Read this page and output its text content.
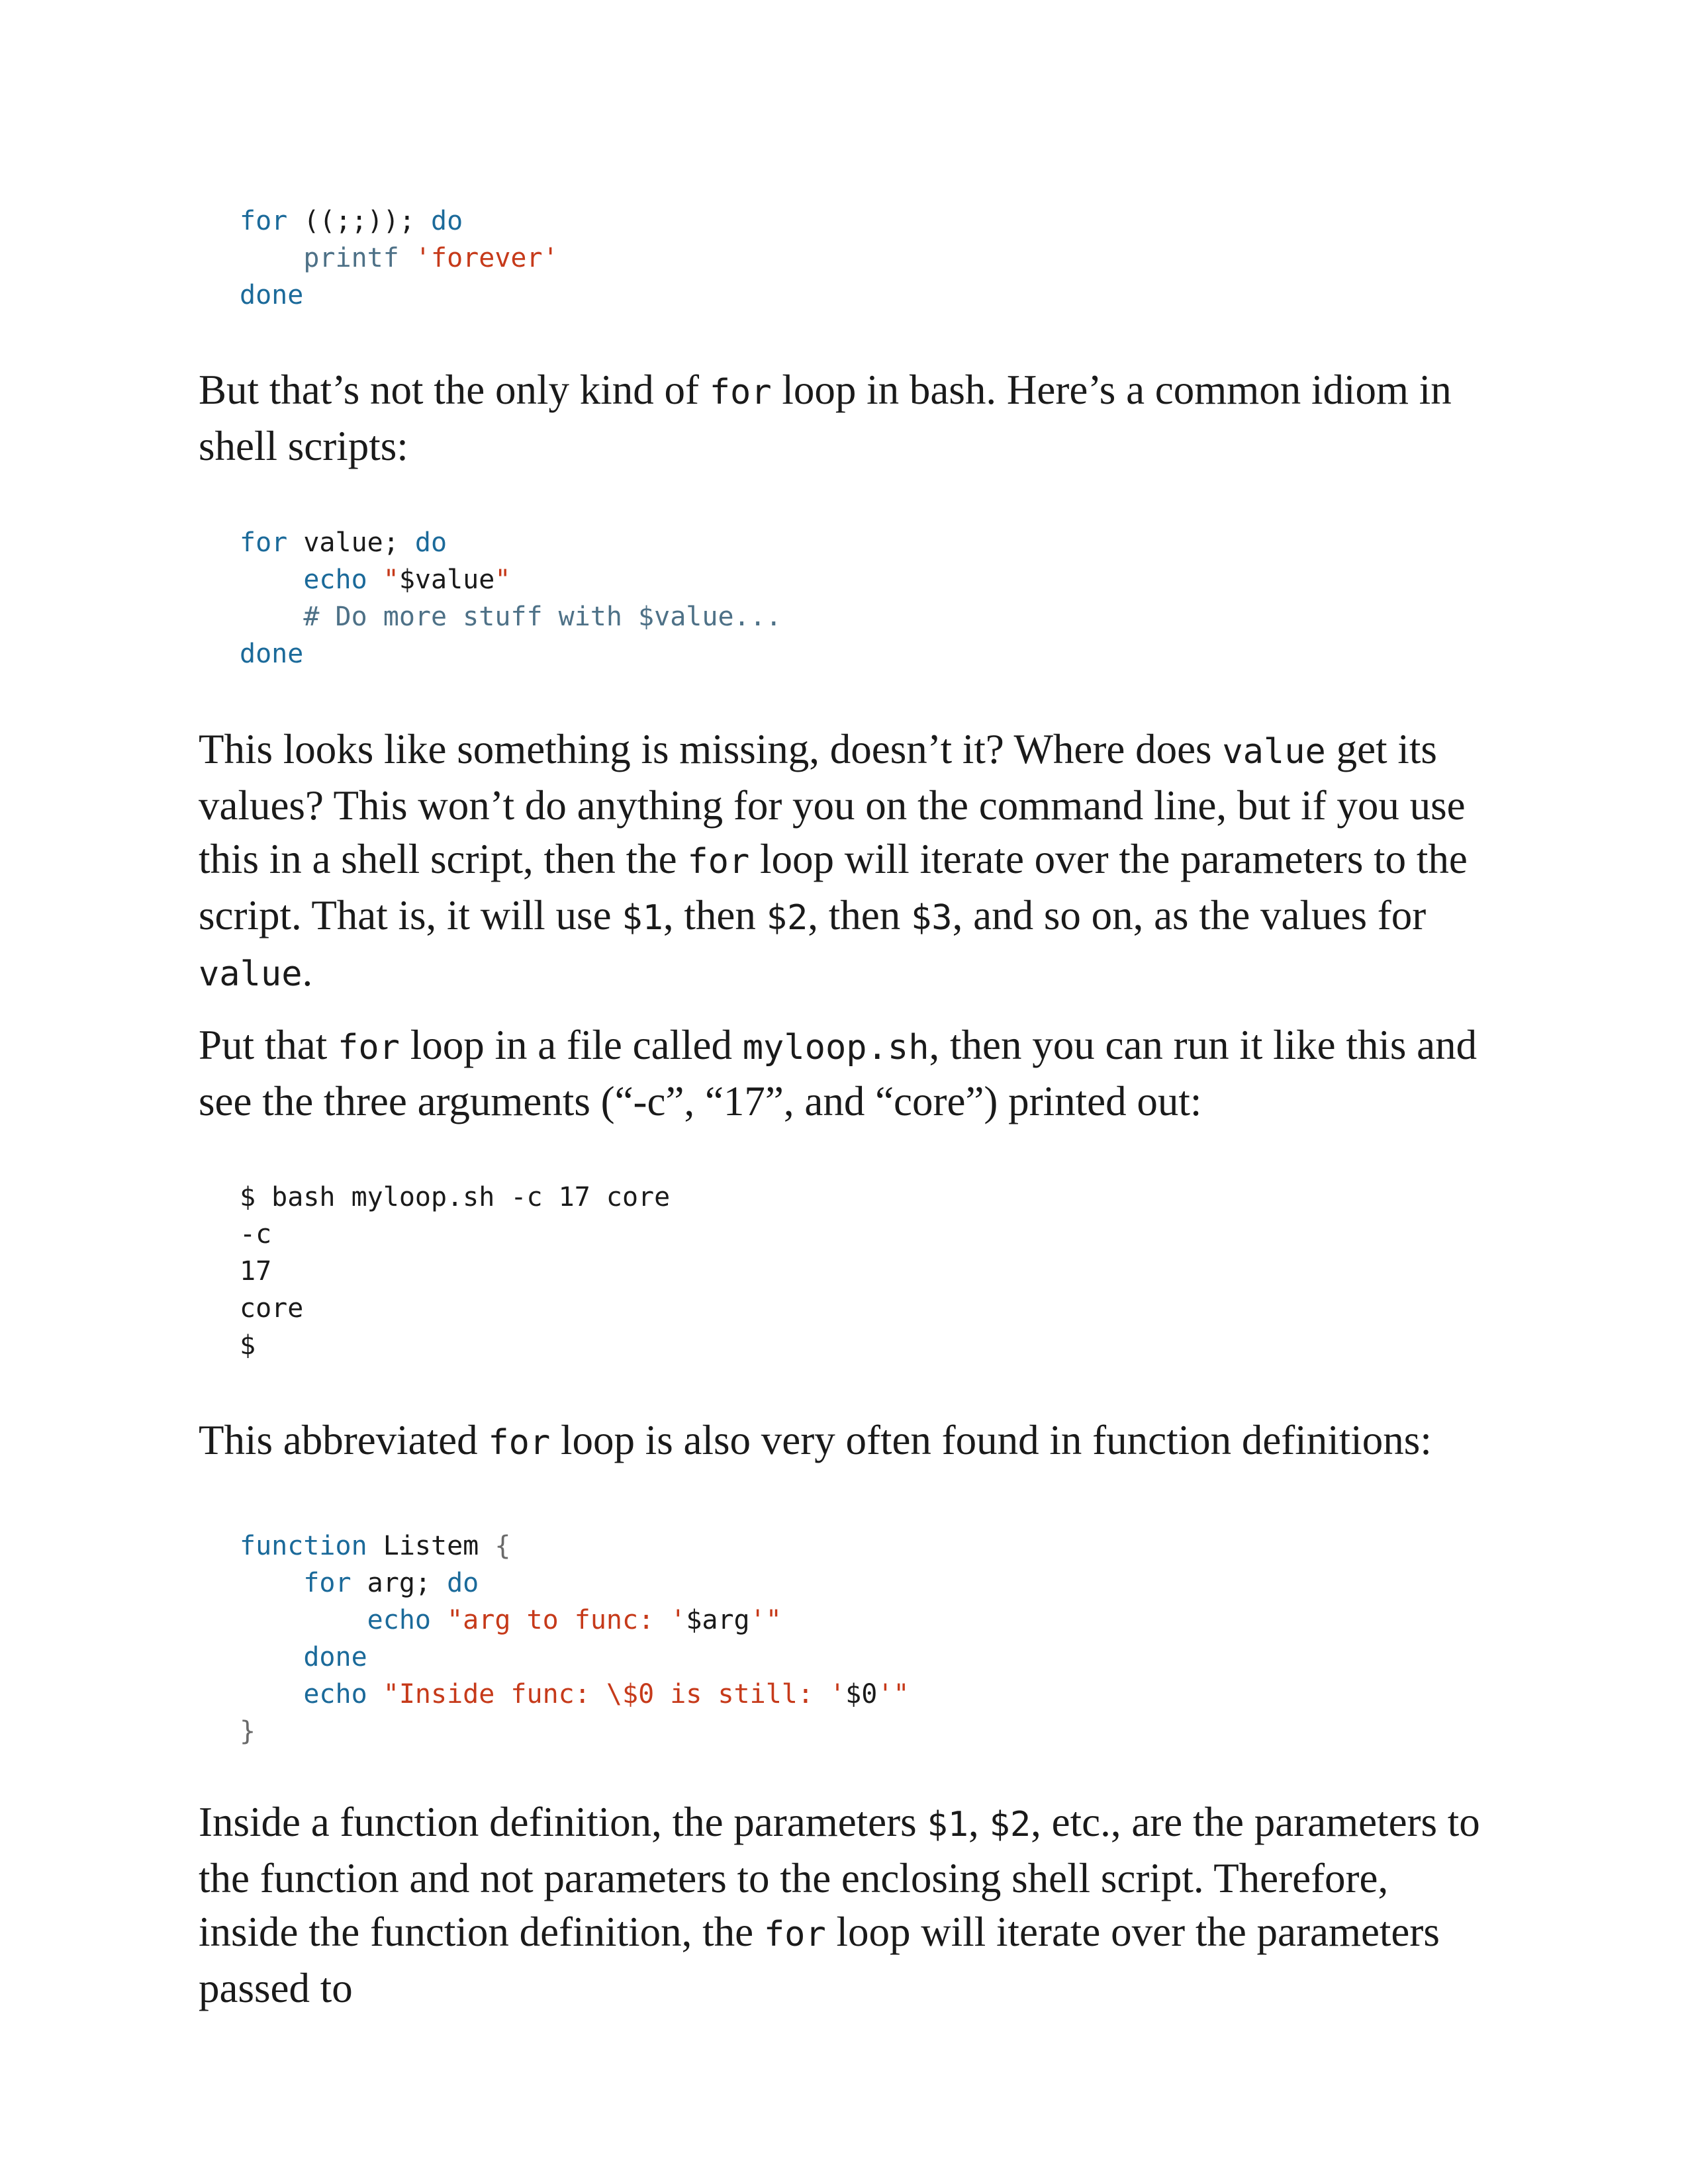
for ((;;)); do
printf 'forever'
done

But that’s not the only kind of for loop in bash. Here’s a common idiom in shell scripts:

for value; do
echo "$value"
# Do more stuff with $value...
done

This looks like something is missing, doesn’t it? Where does value get its values? This won’t do anything for you on the command line, but if you use this in a shell script, then the for loop will iterate over the parameters to the script. That is, it will use $1, then $2, then $3, and so on, as the values for value.

Put that for loop in a file called myloop.sh, then you can run it like this and see the three arguments (“-c”, “17”, and “core”) printed out:

$ bash myloop.sh -c 17 core
-c
17
core
$

This abbreviated for loop is also very often found in function definitions:

function Listem {
for arg; do
echo "arg to func: '$arg'"
done
echo "Inside func: \$0 is still: '$0'"
}

Inside a function definition, the parameters $1, $2, etc., are the parameters to the function and not parameters to the enclosing shell script. Therefore, inside the function definition, the for loop will iterate over the parameters passed to
